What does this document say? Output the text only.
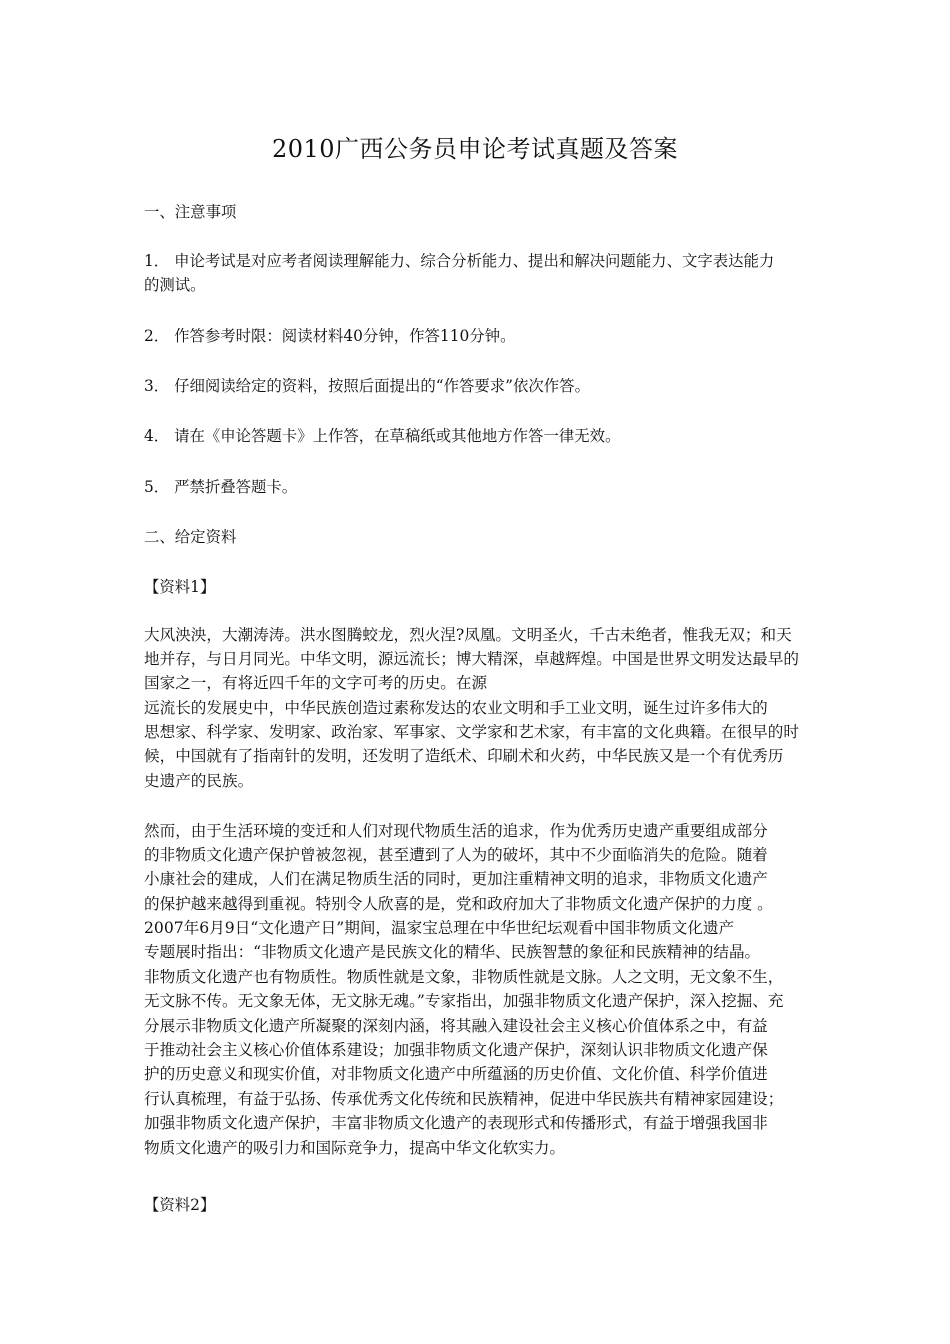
2010广西公务员申论考试真题及答案
一、注意事项
1． 申论考试是对应考者阅读理解能力、综合分析能力、提出和解决问题能力、文字表达能力
的测试。
2． 作答参考时限：阅读材料40分钟，作答110分钟。
3． 仔细阅读给定的资料，按照后面提出的“作答要求”依次作答。
4． 请在《申论答题卡》上作答，在草稿纸或其他地方作答一律无效。
5． 严禁折叠答题卡。
二、给定资料
【资料1】
大风泱泱，大潮涛涛。洪水图腾蛟龙，烈火涅?凤凰。文明圣火，千古未绝者，惟我无双；和天
地并存，与日月同光。中华文明，源远流长；博大精深，卓越辉煌。中国是世界文明发达最早的
国家之一，有将近四千年的文字可考的历史。在源
远流长的发展史中，中华民族创造过素称发达的农业文明和手工业文明，诞生过许多伟大的
思想家、科学家、发明家、政治家、军事家、文学家和艺术家，有丰富的文化典籍。在很早的时
候，中国就有了指南针的发明，还发明了造纸术、印刷术和火药，中华民族又是一个有优秀历
史遗产的民族。
然而，由于生活环境的变迁和人们对现代物质生活的追求，作为优秀历史遗产重要组成部分
的非物质文化遗产保护曾被忽视，甚至遭到了人为的破坏，其中不少面临消失的危险。随着
小康社会的建成，人们在满足物质生活的同时，更加注重精神文明的追求，非物质文化遗产
的保护越来越得到重视。特别令人欣喜的是，党和政府加大了非物质文化遗产保护的力度 。
2007年6月9日“文化遗产日”期间，温家宝总理在中华世纪坛观看中国非物质文化遗产
专题展时指出：“非物质文化遗产是民族文化的精华、民族智慧的象征和民族精神的结晶。
非物质文化遗产也有物质性。物质性就是文象，非物质性就是文脉。人之文明，无文象不生，
无文脉不传。无文象无体，无文脉无魂。”专家指出，加强非物质文化遗产保护，深入挖掘、充
分展示非物质文化遗产所凝聚的深刻内涵，将其融入建设社会主义核心价值体系之中，有益
于推动社会主义核心价值体系建设；加强非物质文化遗产保护，深刻认识非物质文化遗产保
护的历史意义和现实价值，对非物质文化遗产中所蕴涵的历史价值、文化价值、科学价值进
行认真梳理，有益于弘扬、传承优秀文化传统和民族精神，促进中华民族共有精神家园建设；
加强非物质文化遗产保护，丰富非物质文化遗产的表现形式和传播形式，有益于增强我国非
物质文化遗产的吸引力和国际竞争力，提高中华文化软实力。
【资料2】
